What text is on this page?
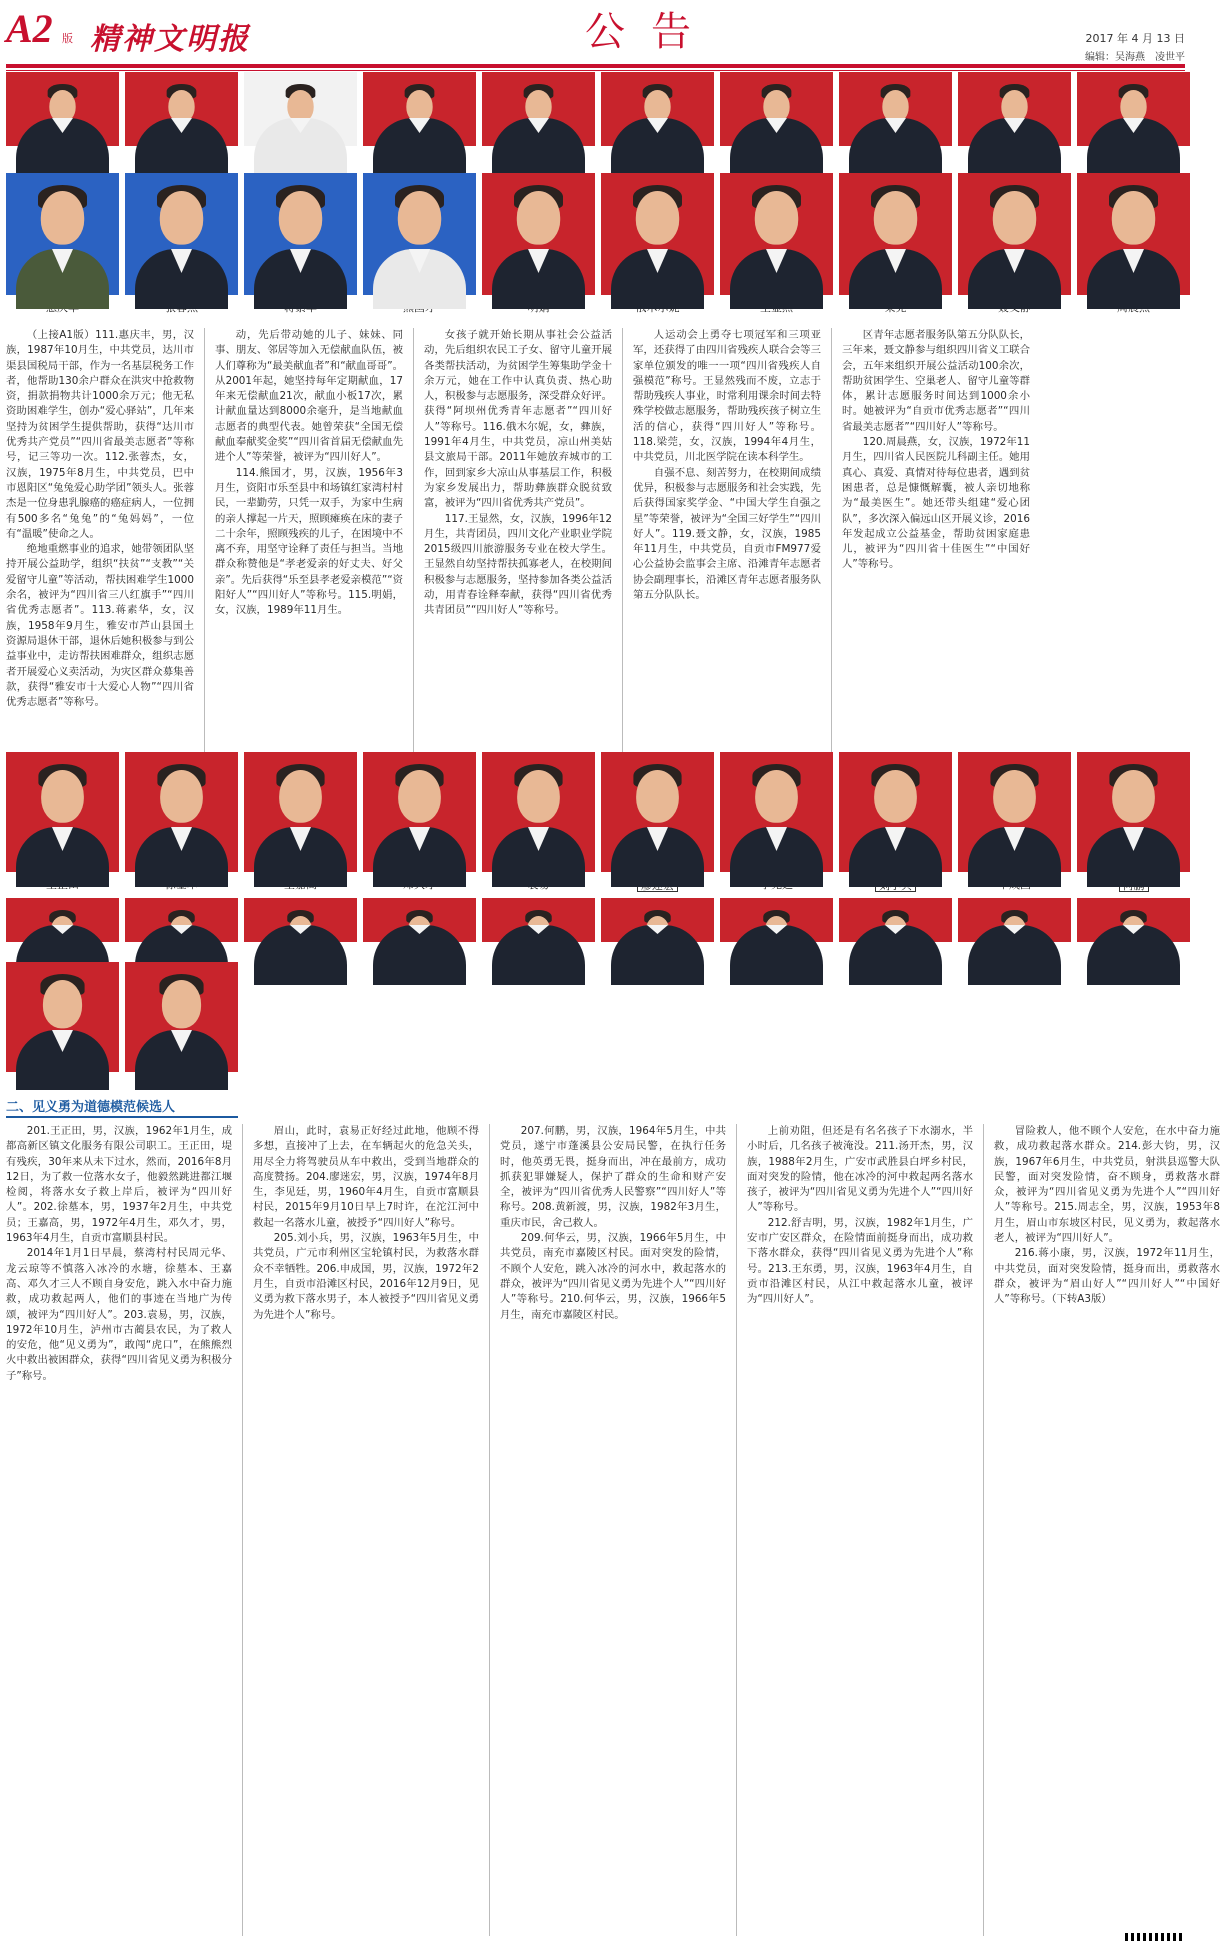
A2 版 精神文明报	公告	2017 年 4 月 13 日
编辑：吴海燕　凌世平

（上接A1版）111.惠庆丰，男，汉族，1987年10月生，中共党员，达川市渠县国税局干部，作为一名基层税务工作者，他帮助130余户群众在洪灾中抢救物资，捐款捐物共计1000余万元；他无私资助困难学生，创办“爱心驿站”，几年来坚持为贫困学生提供帮助，获得“达川市优秀共产党员”“四川省最美志愿者”等称号，记三等功一次。112.张蓉杰，女，汉族，1975年8月生，中共党员，巴中市恩阳区“兔兔爱心助学团”领头人。张蓉杰是一位身患乳腺癌的癌症病人，一位拥有500多名“兔兔”的“兔妈妈”，一位有“温暖”使命之人。

绝地重燃事业的追求，她带领团队坚持开展公益助学，组织“扶贫”“支教”“关爱留守儿童”等活动，帮扶困难学生1000余名，被评为“四川省三八红旗手”“四川省优秀志愿者”。113.蒋素华，女，汉族，1958年9月生，雅安市芦山县国土资源局退休干部，退休后她积极参与到公益事业中，走访帮扶困难群众，组织志愿者开展爱心义卖活动，为灾区群众募集善款，获得“雅安市十大爱心人物”“四川省优秀志愿者”等称号。

动，先后带动她的儿子、妹妹、同事、朋友、邻居等加入无偿献血队伍，被人们尊称为“最美献血者”和“献血哥哥”。从2001年起，她坚持每年定期献血，17年来无偿献血21次，献血小板17次，累计献血量达到8000余毫升，是当地献血志愿者的典型代表。她曾荣获“全国无偿献血奉献奖金奖”“四川省首届无偿献血先进个人”等荣誉，被评为“四川好人”。

114.熊国才，男，汉族，1956年3月生，资阳市乐至县中和场镇红家湾村村民，一辈勤劳，只凭一双手，为家中生病的亲人撑起一片天，照顾瘫痪在床的妻子二十余年，照顾残疾的儿子，在困境中不离不弃，用坚守诠释了责任与担当。当地群众称赞他是“孝老爱亲的好丈夫、好父亲”。先后获得“乐至县孝老爱亲模范”“资阳好人”“四川好人”等称号。115.明娟，女，汉族，1989年11月生。

女孩子就开始长期从事社会公益活动，先后组织农民工子女、留守儿童开展各类帮扶活动，为贫困学生筹集助学金十余万元，她在工作中认真负责、热心助人，积极参与志愿服务，深受群众好评。获得“阿坝州优秀青年志愿者”“四川好人”等称号。116.俄木尔妮，女，彝族，1991年4月生，中共党员，凉山州美姑县文旅局干部。2011年她放弃城市的工作，回到家乡大凉山从事基层工作，积极为家乡发展出力，帮助彝族群众脱贫致富，被评为“四川省优秀共产党员”。

117.王显然，女，汉族，1996年12月生，共青团员，四川文化产业职业学院2015级四川旅游服务专业在校大学生。王显然自幼坚持帮扶孤寡老人，在校期间积极参与志愿服务，坚持参加各类公益活动，用青春诠释奉献，获得“四川省优秀共青团员”“四川好人”等称号。

人运动会上勇夺七项冠军和三项亚军，还获得了由四川省残疾人联合会等三家单位颁发的唯一一项“四川省残疾人自强模范”称号。王显然残而不废，立志于帮助残疾人事业，时常利用课余时间去特殊学校做志愿服务，帮助残疾孩子树立生活的信心，获得“四川好人”等称号。118.梁莞，女，汉族，1994年4月生，中共党员，川北医学院在读本科学生。

自强不息、刻苦努力，在校期间成绩优异，积极参与志愿服务和社会实践，先后获得国家奖学金、“中国大学生自强之星”等荣誉，被评为“全国三好学生”“四川好人”。119.聂文静，女，汉族，1985年11月生，中共党员，自贡市FM977爱心公益协会监事会主席、沿滩青年志愿者协会副理事长，沿滩区青年志愿者服务队第五分队队长。

区青年志愿者服务队第五分队队长，三年来，聂文静参与组织四川省义工联合会，五年来组织开展公益活动100余次，帮助贫困学生、空巢老人、留守儿童等群体，累计志愿服务时间达到1000余小时。她被评为“自贡市优秀志愿者”“四川省最美志愿者”“四川好人”等称号。

120.周晨燕，女，汉族，1972年11月生，四川省人民医院儿科副主任。她用真心、真爱、真情对待每位患者，遇到贫困患者，总是慷慨解囊，被人亲切地称为“最美医生”。她还带头组建“爱心团队”，多次深入偏远山区开展义诊，2016年发起成立公益基金，帮助贫困家庭患儿，被评为“四川省十佳医生”“中国好人”等称号。

二、见义勇为道德模范候选人

201.王正田，男，汉族，1962年1月生，成都高新区镇文化服务有限公司职工。王正田，堤有残疾，30年来从未下过水，然而，2016年8月12日，为了救一位落水女子，他毅然跳进都江堰检阅，将落水女子救上岸后，被评为“四川好人”。202.徐墓本，男，1937年2月生，中共党员；王嘉高，男，1972年4月生，邓久才，男，1963年4月生，自贡市富顺县村民。

2014年1月1日早晨，蔡湾村村民周元华、龙云琼等不慎落入冰冷的水塘，徐墓本、王嘉高、邓久才三人不顾自身安危，跳入水中奋力施救，成功救起两人，他们的事迹在当地广为传颂，被评为“四川好人”。203.袁易，男，汉族，1972年10月生，泸州市古蔺县农民，为了救人的安危，他“见义勇为”，敢闯“虎口”，在熊熊烈火中救出被困群众，获得“四川省见义勇为积极分子”称号。

眉山，此时，袁易正好经过此地，他顾不得多想，直接冲了上去，在车辆起火的危急关头，用尽全力将驾驶员从车中救出，受到当地群众的高度赞扬。204.廖迷宏，男，汉族，1974年8月生，李见廷，男，1960年4月生，自贡市富顺县村民，2015年9月10日早上7时许，在沱江河中救起一名落水儿童，被授予“四川好人”称号。

205.刘小兵，男，汉族，1963年5月生，中共党员，广元市利州区宝轮镇村民，为救落水群众不幸牺牲。206.申成国，男，汉族，1972年2月生，自贡市沿滩区村民，2016年12月9日，见义勇为救下落水男子，本人被授予“四川省见义勇为先进个人”称号。

207.何鹏，男，汉族，1964年5月生，中共党员，遂宁市蓬溪县公安局民警，在执行任务时，他英勇无畏，挺身而出，冲在最前方，成功抓获犯罪嫌疑人，保护了群众的生命和财产安全，被评为“四川省优秀人民警察”“四川好人”等称号。208.黄新渡，男，汉族，1982年3月生，重庆市民，舍己救人。

209.何华云，男，汉族，1966年5月生，中共党员，南充市嘉陵区村民。面对突发的险情，不顾个人安危，跳入冰冷的河水中，救起落水的群众，被评为“四川省见义勇为先进个人”“四川好人”等称号。210.何华云，男，汉族，1966年5月生，南充市嘉陵区村民。

上前劝阻，但还是有名名孩子下水溺水，半小时后，几名孩子被淹没。211.汤开杰，男，汉族，1988年2月生，广安市武胜县白坪乡村民，面对突发的险情，他在冰冷的河中救起两名落水孩子，被评为“四川省见义勇为先进个人”“四川好人”等称号。

212.舒吉明，男，汉族，1982年1月生，广安市广安区群众，在险情面前挺身而出，成功救下落水群众，获得“四川省见义勇为先进个人”称号。213.王东勇，男，汉族，1963年4月生，自贡市沿滩区村民，从江中救起落水儿童，被评为“四川好人”。

冒险救人，他不顾个人安危，在水中奋力施救，成功救起落水群众。214.彭大钧，男，汉族，1967年6月生，中共党员，射洪县巡警大队民警，面对突发险情，奋不顾身，勇救落水群众，被评为“四川省见义勇为先进个人”“四川好人”等称号。215.周志全，男，汉族，1953年8月生，眉山市东坡区村民，见义勇为，救起落水老人，被评为“四川好人”。

216.蒋小康，男，汉族，1972年11月生，中共党员，面对突发险情，挺身而出，勇救落水群众，被评为“眉山好人”“四川好人”“中国好人”等称号。（下转A3版）
